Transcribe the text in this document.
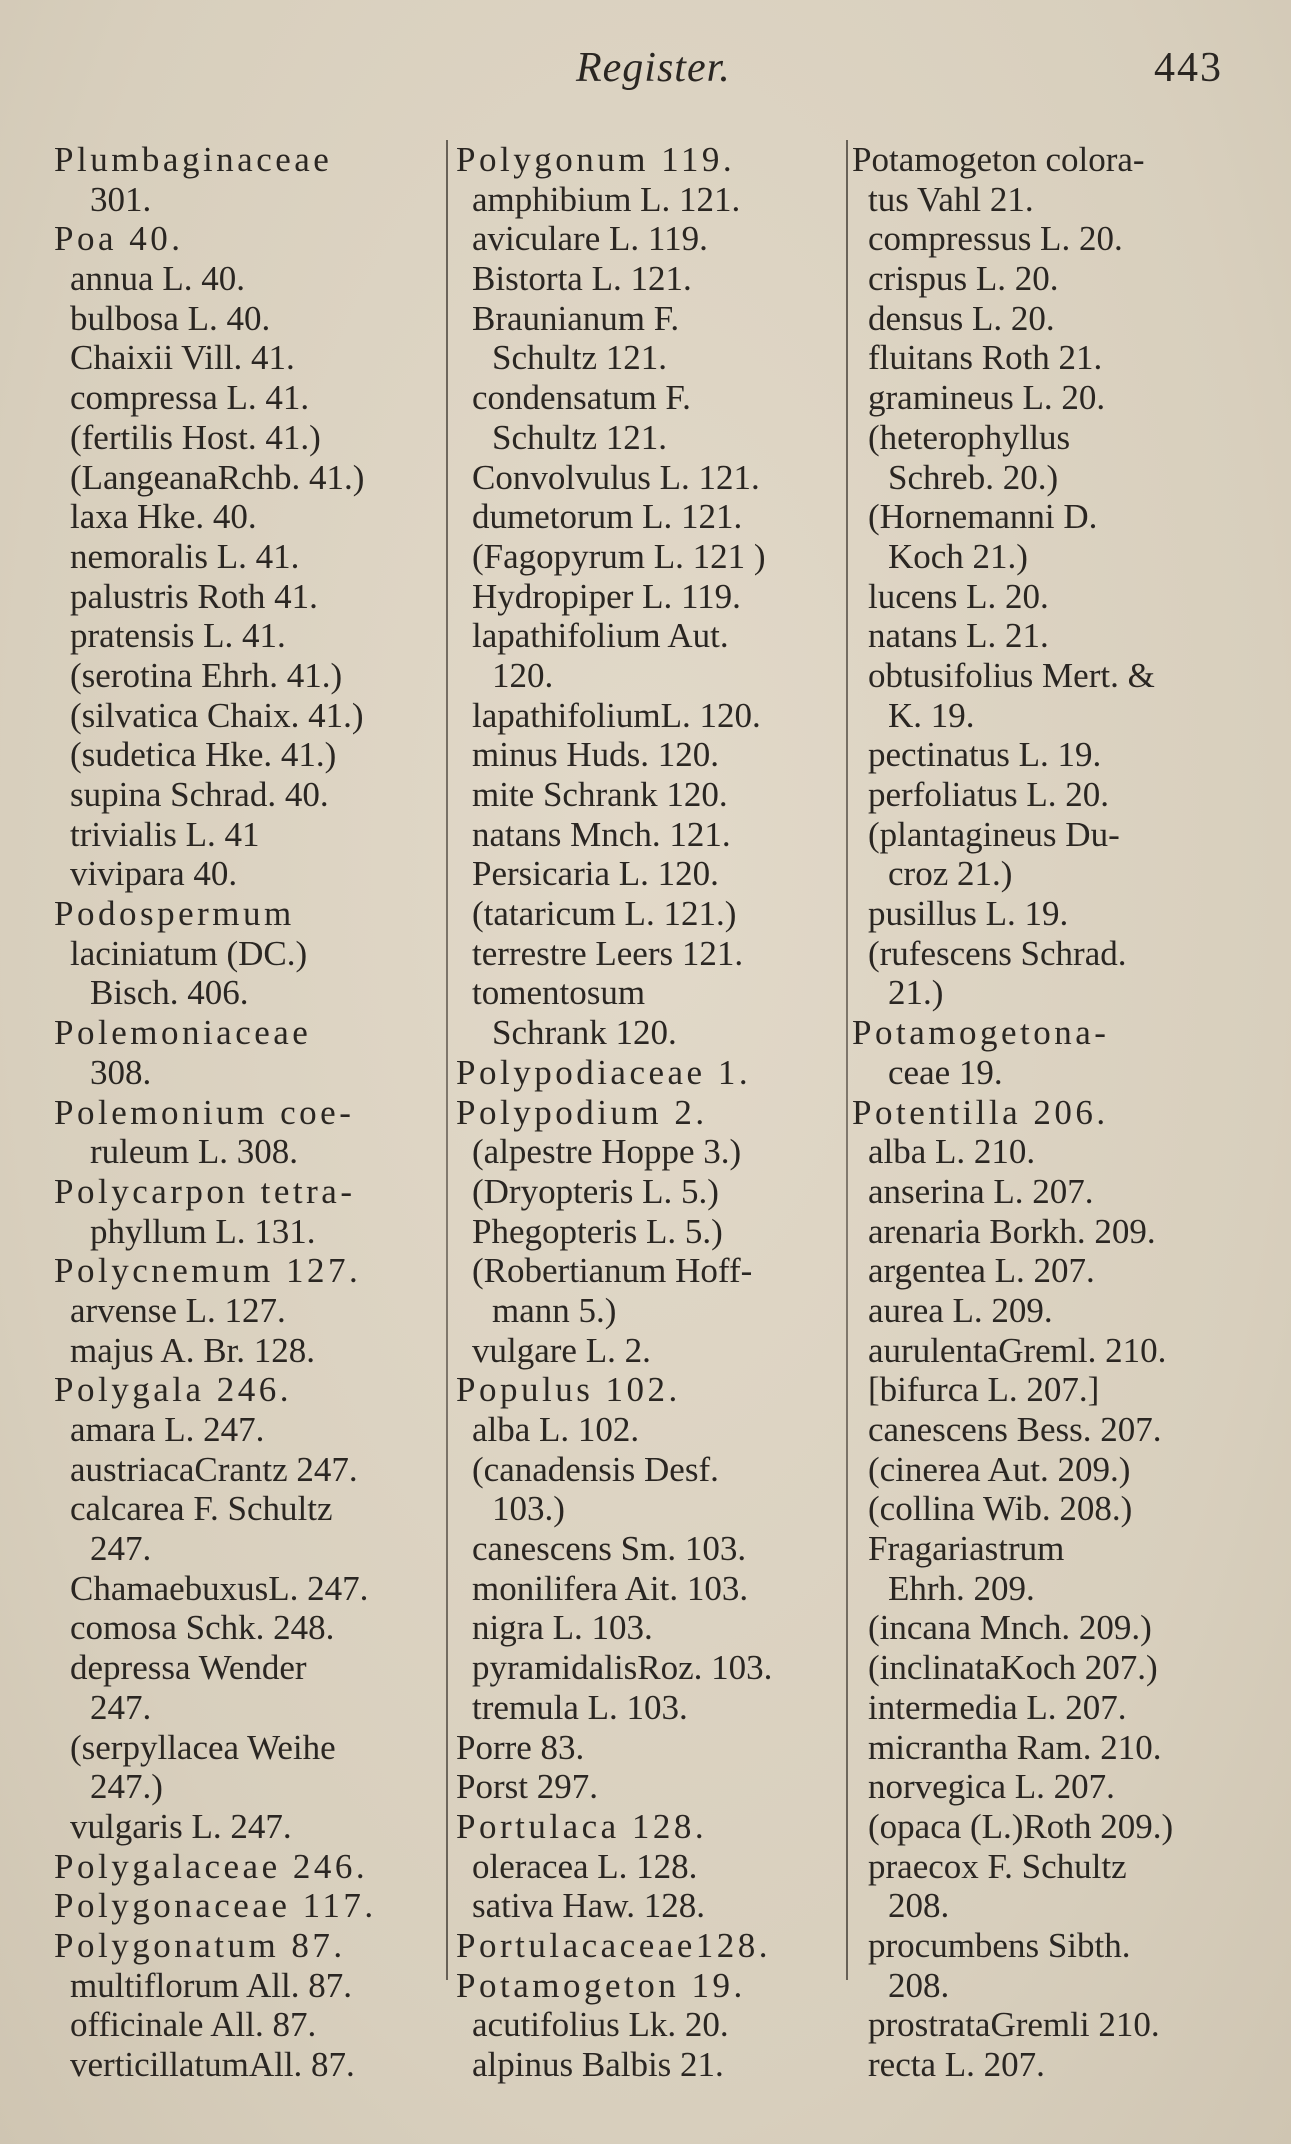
Register.	443
Plumbaginaceae
301.
Poa 40.
annua L. 40.
bulbosa L. 40.
Chaixii Vill. 41.
compressa L. 41.
(fertilis Host. 41.)
(LangeanaRchb. 41.)
laxa Hke. 40.
nemoralis L. 41.
palustris Roth 41.
pratensis L. 41.
(serotina Ehrh. 41.)
(silvatica Chaix. 41.)
(sudetica Hke. 41.)
supina Schrad. 40.
trivialis L. 41
vivipara 40.
Podospermum
laciniatum (DC.)
Bisch. 406.
Polemoniaceae
308.
Polemonium coe-
ruleum L. 308.
Polycarpon tetra-
phyllum L. 131.
Polycnemum 127.
arvense L. 127.
majus A. Br. 128.
Polygala 246.
amara L. 247.
austriacaCrantz 247.
calcarea F. Schultz
247.
ChamaebuxusL. 247.
comosa Schk. 248.
depressa Wender
247.
(serpyllacea Weihe
247.)
vulgaris L. 247.
Polygalaceae 246.
Polygonaceae 117.
Polygonatum 87.
multiflorum All. 87.
officinale All. 87.
verticillatumAll. 87.
Polygonum 119.
amphibium L. 121.
aviculare L. 119.
Bistorta L. 121.
Braunianum F.
Schultz 121.
condensatum F.
Schultz 121.
Convolvulus L. 121.
dumetorum L. 121.
(Fagopyrum L. 121 )
Hydropiper L. 119.
lapathifolium Aut.
120.
lapathifoliumL. 120.
minus Huds. 120.
mite Schrank 120.
natans Mnch. 121.
Persicaria L. 120.
(tataricum L. 121.)
terrestre Leers 121.
tomentosum
Schrank 120.
Polypodiaceae 1.
Polypodium 2.
(alpestre Hoppe 3.)
(Dryopteris L. 5.)
Phegopteris L. 5.)
(Robertianum Hoff-
mann 5.)
vulgare L. 2.
Populus 102.
alba L. 102.
(canadensis Desf.
103.)
canescens Sm. 103.
monilifera Ait. 103.
nigra L. 103.
pyramidalisRoz. 103.
tremula L. 103.
Porre 83.
Porst 297.
Portulaca 128.
oleracea L. 128.
sativa Haw. 128.
Portulacaceae128.
Potamogeton 19.
acutifolius Lk. 20.
alpinus Balbis 21.
Potamogeton colora-
tus Vahl 21.
compressus L. 20.
crispus L. 20.
densus L. 20.
fluitans Roth 21.
gramineus L. 20.
(heterophyllus
Schreb. 20.)
(Hornemanni D.
Koch 21.)
lucens L. 20.
natans L. 21.
obtusifolius Mert. &
K. 19.
pectinatus L. 19.
perfoliatus L. 20.
(plantagineus Du-
croz 21.)
pusillus L. 19.
(rufescens Schrad.
21.)
Potamogetona-
ceae 19.
Potentilla 206.
alba L. 210.
anserina L. 207.
arenaria Borkh. 209.
argentea L. 207.
aurea L. 209.
aurulentaGreml. 210.
[bifurca L. 207.]
canescens Bess. 207.
(cinerea Aut. 209.)
(collina Wib. 208.)
Fragariastrum
Ehrh. 209.
(incana Mnch. 209.)
(inclinataKoch 207.)
intermedia L. 207.
micrantha Ram. 210.
norvegica L. 207.
(opaca (L.)Roth 209.)
praecox F. Schultz
208.
procumbens Sibth.
208.
prostrataGremli 210.
recta L. 207.
